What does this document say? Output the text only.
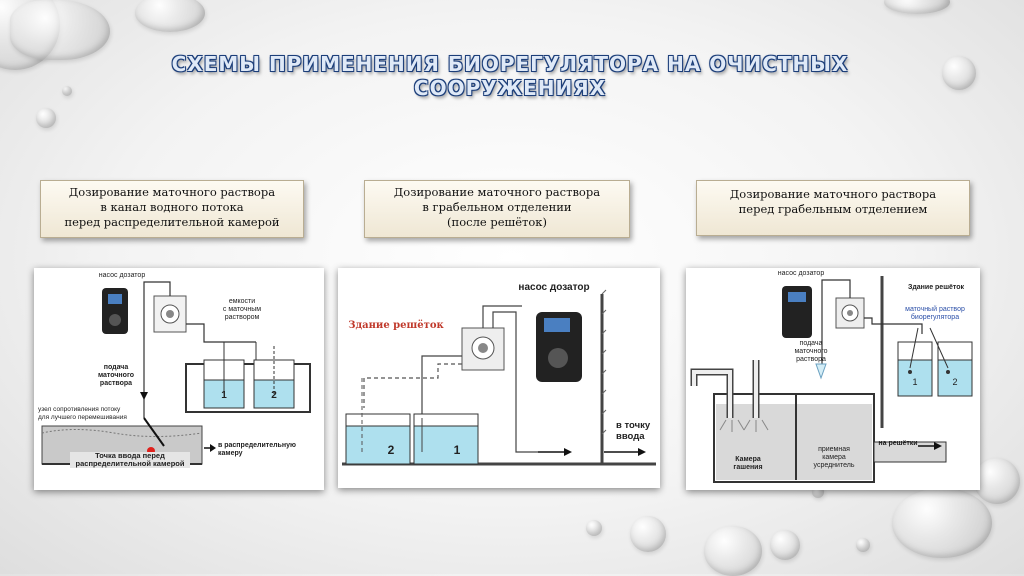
СХЕМЫ ПРИМЕНЕНИЯ БИОРЕГУЛЯТОРА НА ОЧИСТНЫХ СООРУЖЕНИЯХ
Дозирование маточного раствора
в канал водного потока
перед распределительной камерой
Дозирование маточного раствора
в грабельном отделении
(после решёток)
Дозирование маточного раствора
перед грабельным отделением
насос дозатор
емкости
с маточным
раствором
подача
маточного
раствора
узел сопротивления потоку
для лучшего перемешивания
Точка ввода перед
распределительной камерой
в распределительную
камеру
1	2
насос дозатор
Здание решёток
в точку
ввода
1
2
насос дозатор
Здание решёток
маточный раствор
биорегулятора
подача
маточного
раствора
Камера
гашения
приемная
камера
усреднитель
на решётки
1	2
